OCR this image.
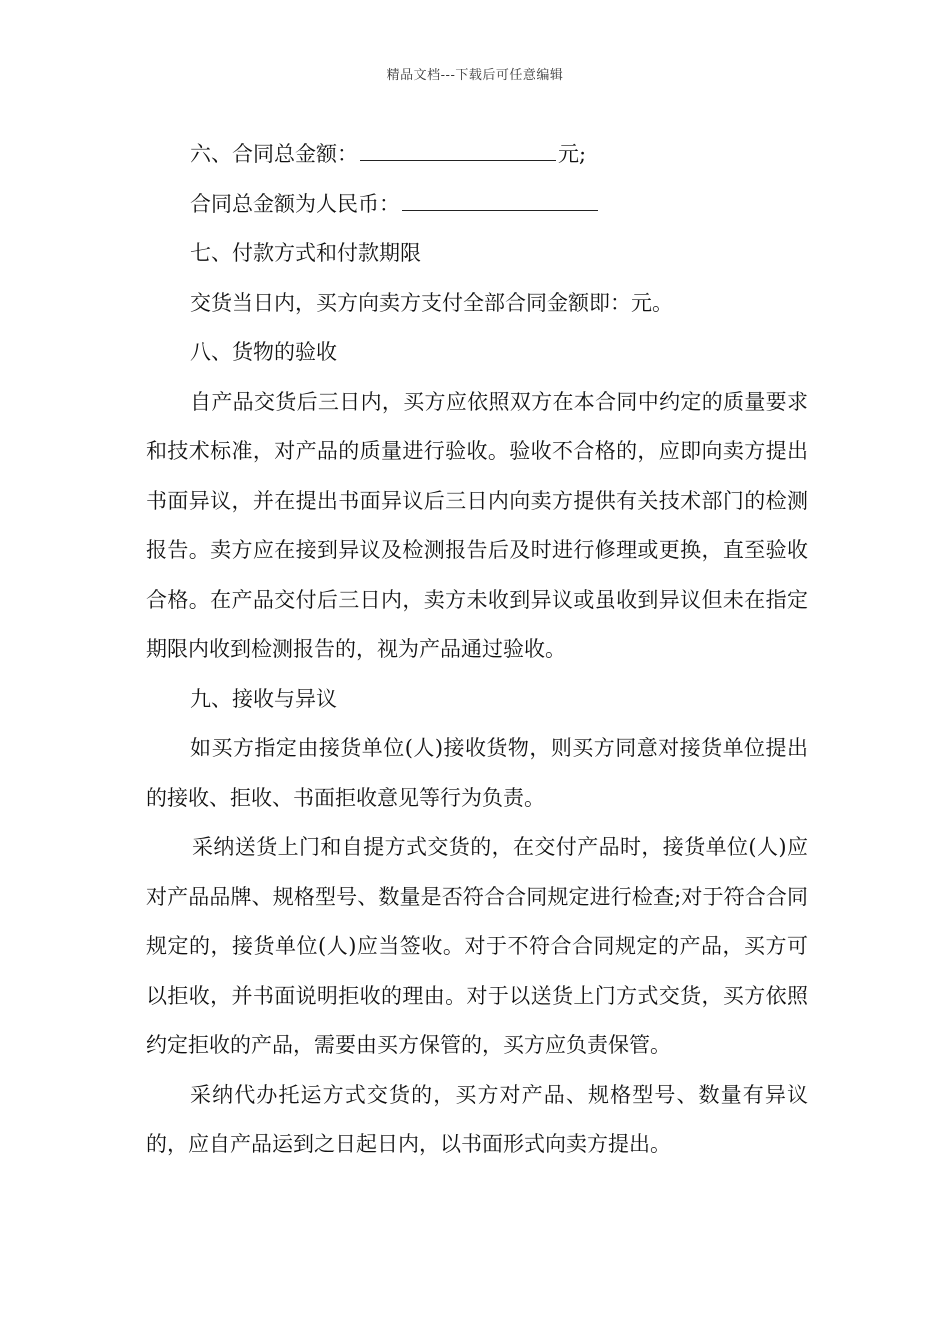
精品文档---下载后可任意编辑

六、合同总金额：	元;

合同总金额为人民币：

七、付款方式和付款期限

交货当日内，买方向卖方支付全部合同金额即：元。

八、货物的验收

自产品交货后三日内，买方应依照双方在本合同中约定的质量要求和技术标准，对产品的质量进行验收。验收不合格的，应即向卖方提出书面异议，并在提出书面异议后三日内向卖方提供有关技术部门的检测报告。卖方应在接到异议及检测报告后及时进行修理或更换，直至验收合格。在产品交付后三日内，卖方未收到异议或虽收到异议但未在指定期限内收到检测报告的，视为产品通过验收。

九、接收与异议

如买方指定由接货单位(人)接收货物，则买方同意对接货单位提出的接收、拒收、书面拒收意见等行为负责。

采纳送货上门和自提方式交货的，在交付产品时，接货单位(人)应对产品品牌、规格型号、数量是否符合合同规定进行检查;对于符合合同规定的，接货单位(人)应当签收。对于不符合合同规定的产品，买方可以拒收，并书面说明拒收的理由。对于以送货上门方式交货，买方依照约定拒收的产品，需要由买方保管的，买方应负责保管。

采纳代办托运方式交货的，买方对产品、规格型号、数量有异议的，应自产品运到之日起日内，以书面形式向卖方提出。
